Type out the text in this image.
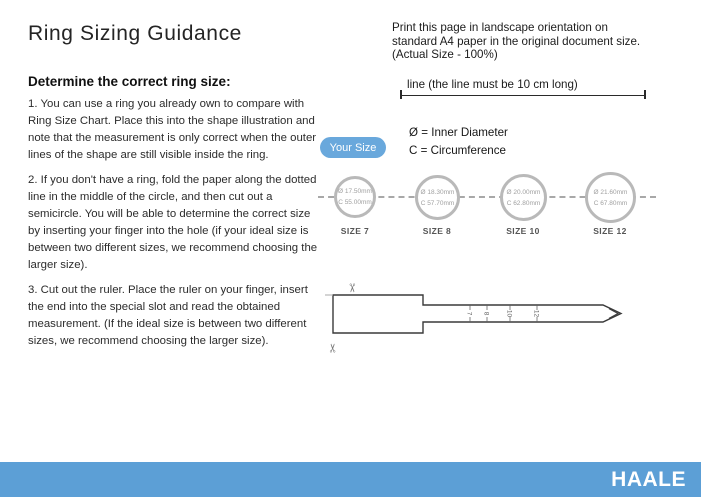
Ring Sizing Guidance
Determine the correct ring size:

1. You can use a ring you already own to compare with Ring Size Chart. Place this into the shape illustration and note that the measurement is only correct when the outer lines of the shape are still visible inside the ring.

2. If you don't have a ring, fold the paper along the dotted line in the middle of the circle, and then cut out a semicircle. You will be able to determine the correct size by inserting your finger into the hole (if your ideal size is between two different sizes, we recommend choosing the larger size).

3. Cut out the ruler. Place the ruler on your finger, insert the end into the special slot and read the obtained measurement. (If the ideal size is between two different sizes, we recommend choosing the larger size).

Print this page in landscape orientation on standard A4 paper in the original document size.(Actual Size - 100%)
line (the line must be 10 cm long)
Your Size
Ø = Inner Diameter
C = Circumference
Ø 17.50mm
C 55.00mm
Ø 18.30mm
C 57.70mm
Ø 20.00mm
C 62.80mm
Ø 21.60mm
C 67.80mm
SIZE 7	SIZE 8	SIZE 10	SIZE 12
7 8 10	12
✂
✂
HAALE
